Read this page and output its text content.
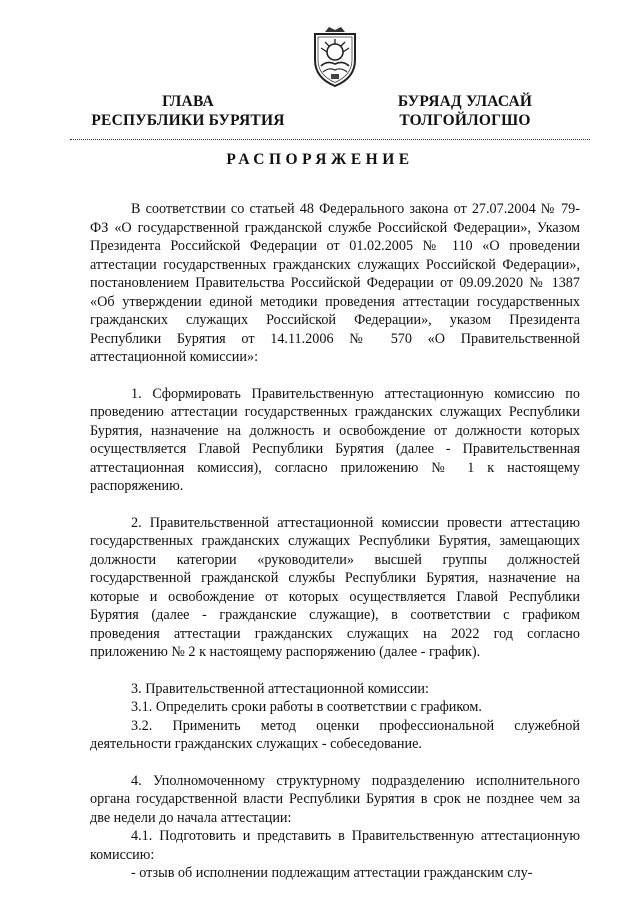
ГЛАВА
РЕСПУБЛИКИ БУРЯТИЯ
БУРЯАД УЛАСАЙ
ТОЛГОЙЛОГШО
РАСПОРЯЖЕНИЕ

В соответствии со статьей 48 Федерального закона от 27.07.2004 № 79-ФЗ «О государственной гражданской службе Российской Федерации», Указом Президента Российской Федерации от 01.02.2005 № 110 «О проведении аттестации государственных гражданских служащих Российской Федерации», постановлением Правительства Российской Федерации от 09.09.2020 № 1387 «Об утверждении единой методики проведения аттестации государственных гражданских служащих Российской Федерации», указом Президента Республики Бурятия от 14.11.2006 № 570 «О Правительственной аттестационной комиссии»:

1. Сформировать Правительственную аттестационную комиссию по проведению аттестации государственных гражданских служащих Республики Бурятия, назначение на должность и освобождение от должности которых осуществляется Главой Республики Бурятия (далее - Правительственная аттестационная комиссия), согласно приложению № 1 к настоящему распоряжению.

2. Правительственной аттестационной комиссии провести аттестацию государственных гражданских служащих Республики Бурятия, замещающих должности категории «руководители» высшей группы должностей государственной гражданской службы Республики Бурятия, назначение на которые и освобождение от которых осуществляется Главой Республики Бурятия (далее - гражданские служащие), в соответствии с графиком проведения аттестации гражданских служащих на 2022 год согласно приложению № 2 к настоящему распоряжению (далее - график).

3. Правительственной аттестационной комиссии:

3.1. Определить сроки работы в соответствии с графиком.

3.2. Применить метод оценки профессиональной служебной деятельности гражданских служащих - собеседование.

4. Уполномоченному структурному подразделению исполнительного органа государственной власти Республики Бурятия в срок не позднее чем за две недели до начала аттестации:

4.1. Подготовить и представить в Правительственную аттестационную комиссию:

- отзыв об исполнении подлежащим аттестации гражданским слу-
